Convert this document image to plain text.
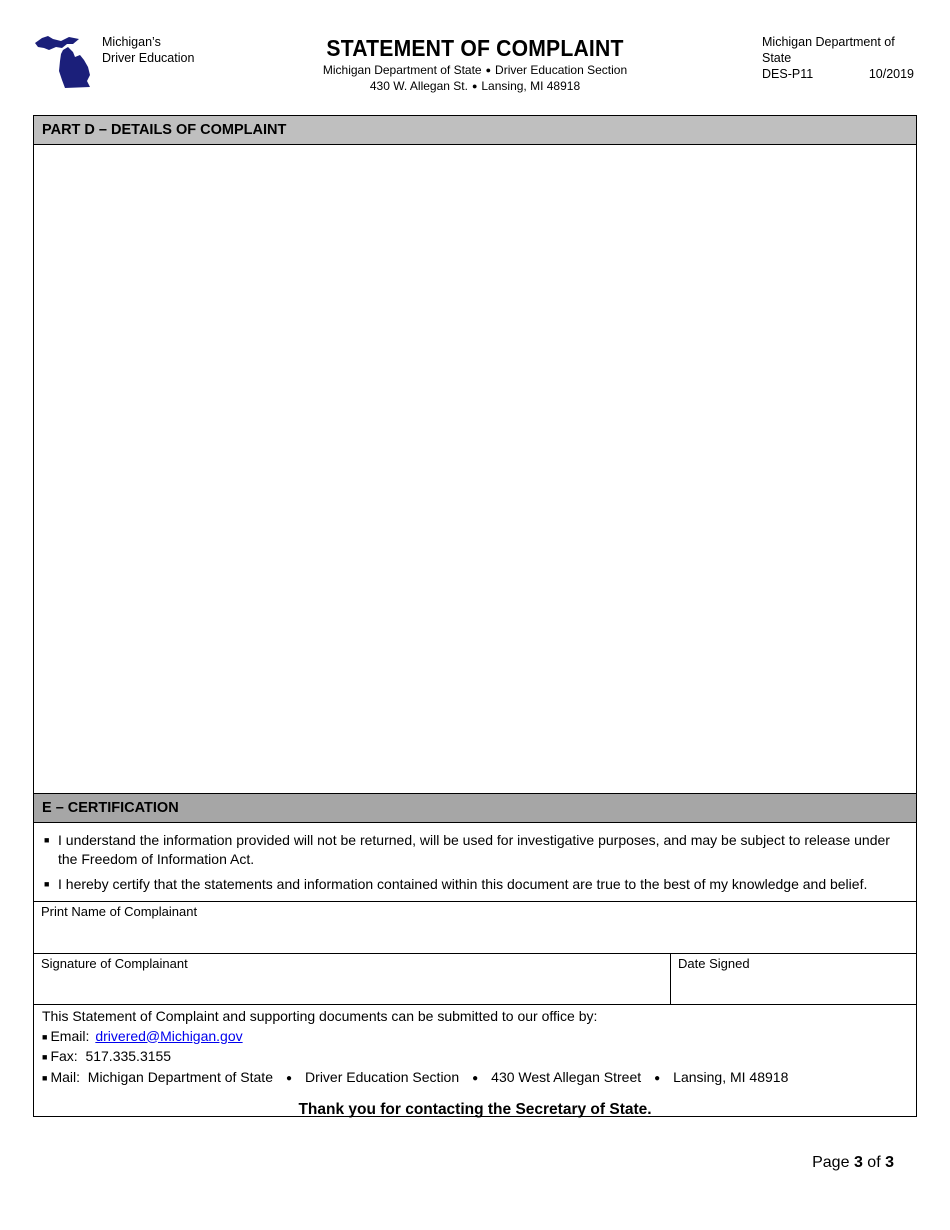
Michigan’s
Driver Education	STATEMENT OF COMPLAINT
Michigan Department of State ● Driver Education Section
430 W. Allegan St. ● Lansing, MI 48918
Michigan Department of State
DES-P11	10/2019
PART D – DETAILS OF COMPLAINT
E – CERTIFICATION
■ I understand the information provided will not be returned, will be used for investigative purposes, and may be subject to release under the Freedom of Information Act.
■ I hereby certify that the statements and information contained within this document are true to the best of my knowledge and belief.
Print Name of Complainant
Signature of Complainant	Date Signed
This Statement of Complaint and supporting documents can be submitted to our office by:
■ Email: drivered@Michigan.gov
■ Fax: 517.335.3155
■ Mail: Michigan Department of State ● Driver Education Section ● 430 West Allegan Street ● Lansing, MI 48918
Thank you for contacting the Secretary of State.
Page 3 of 3
